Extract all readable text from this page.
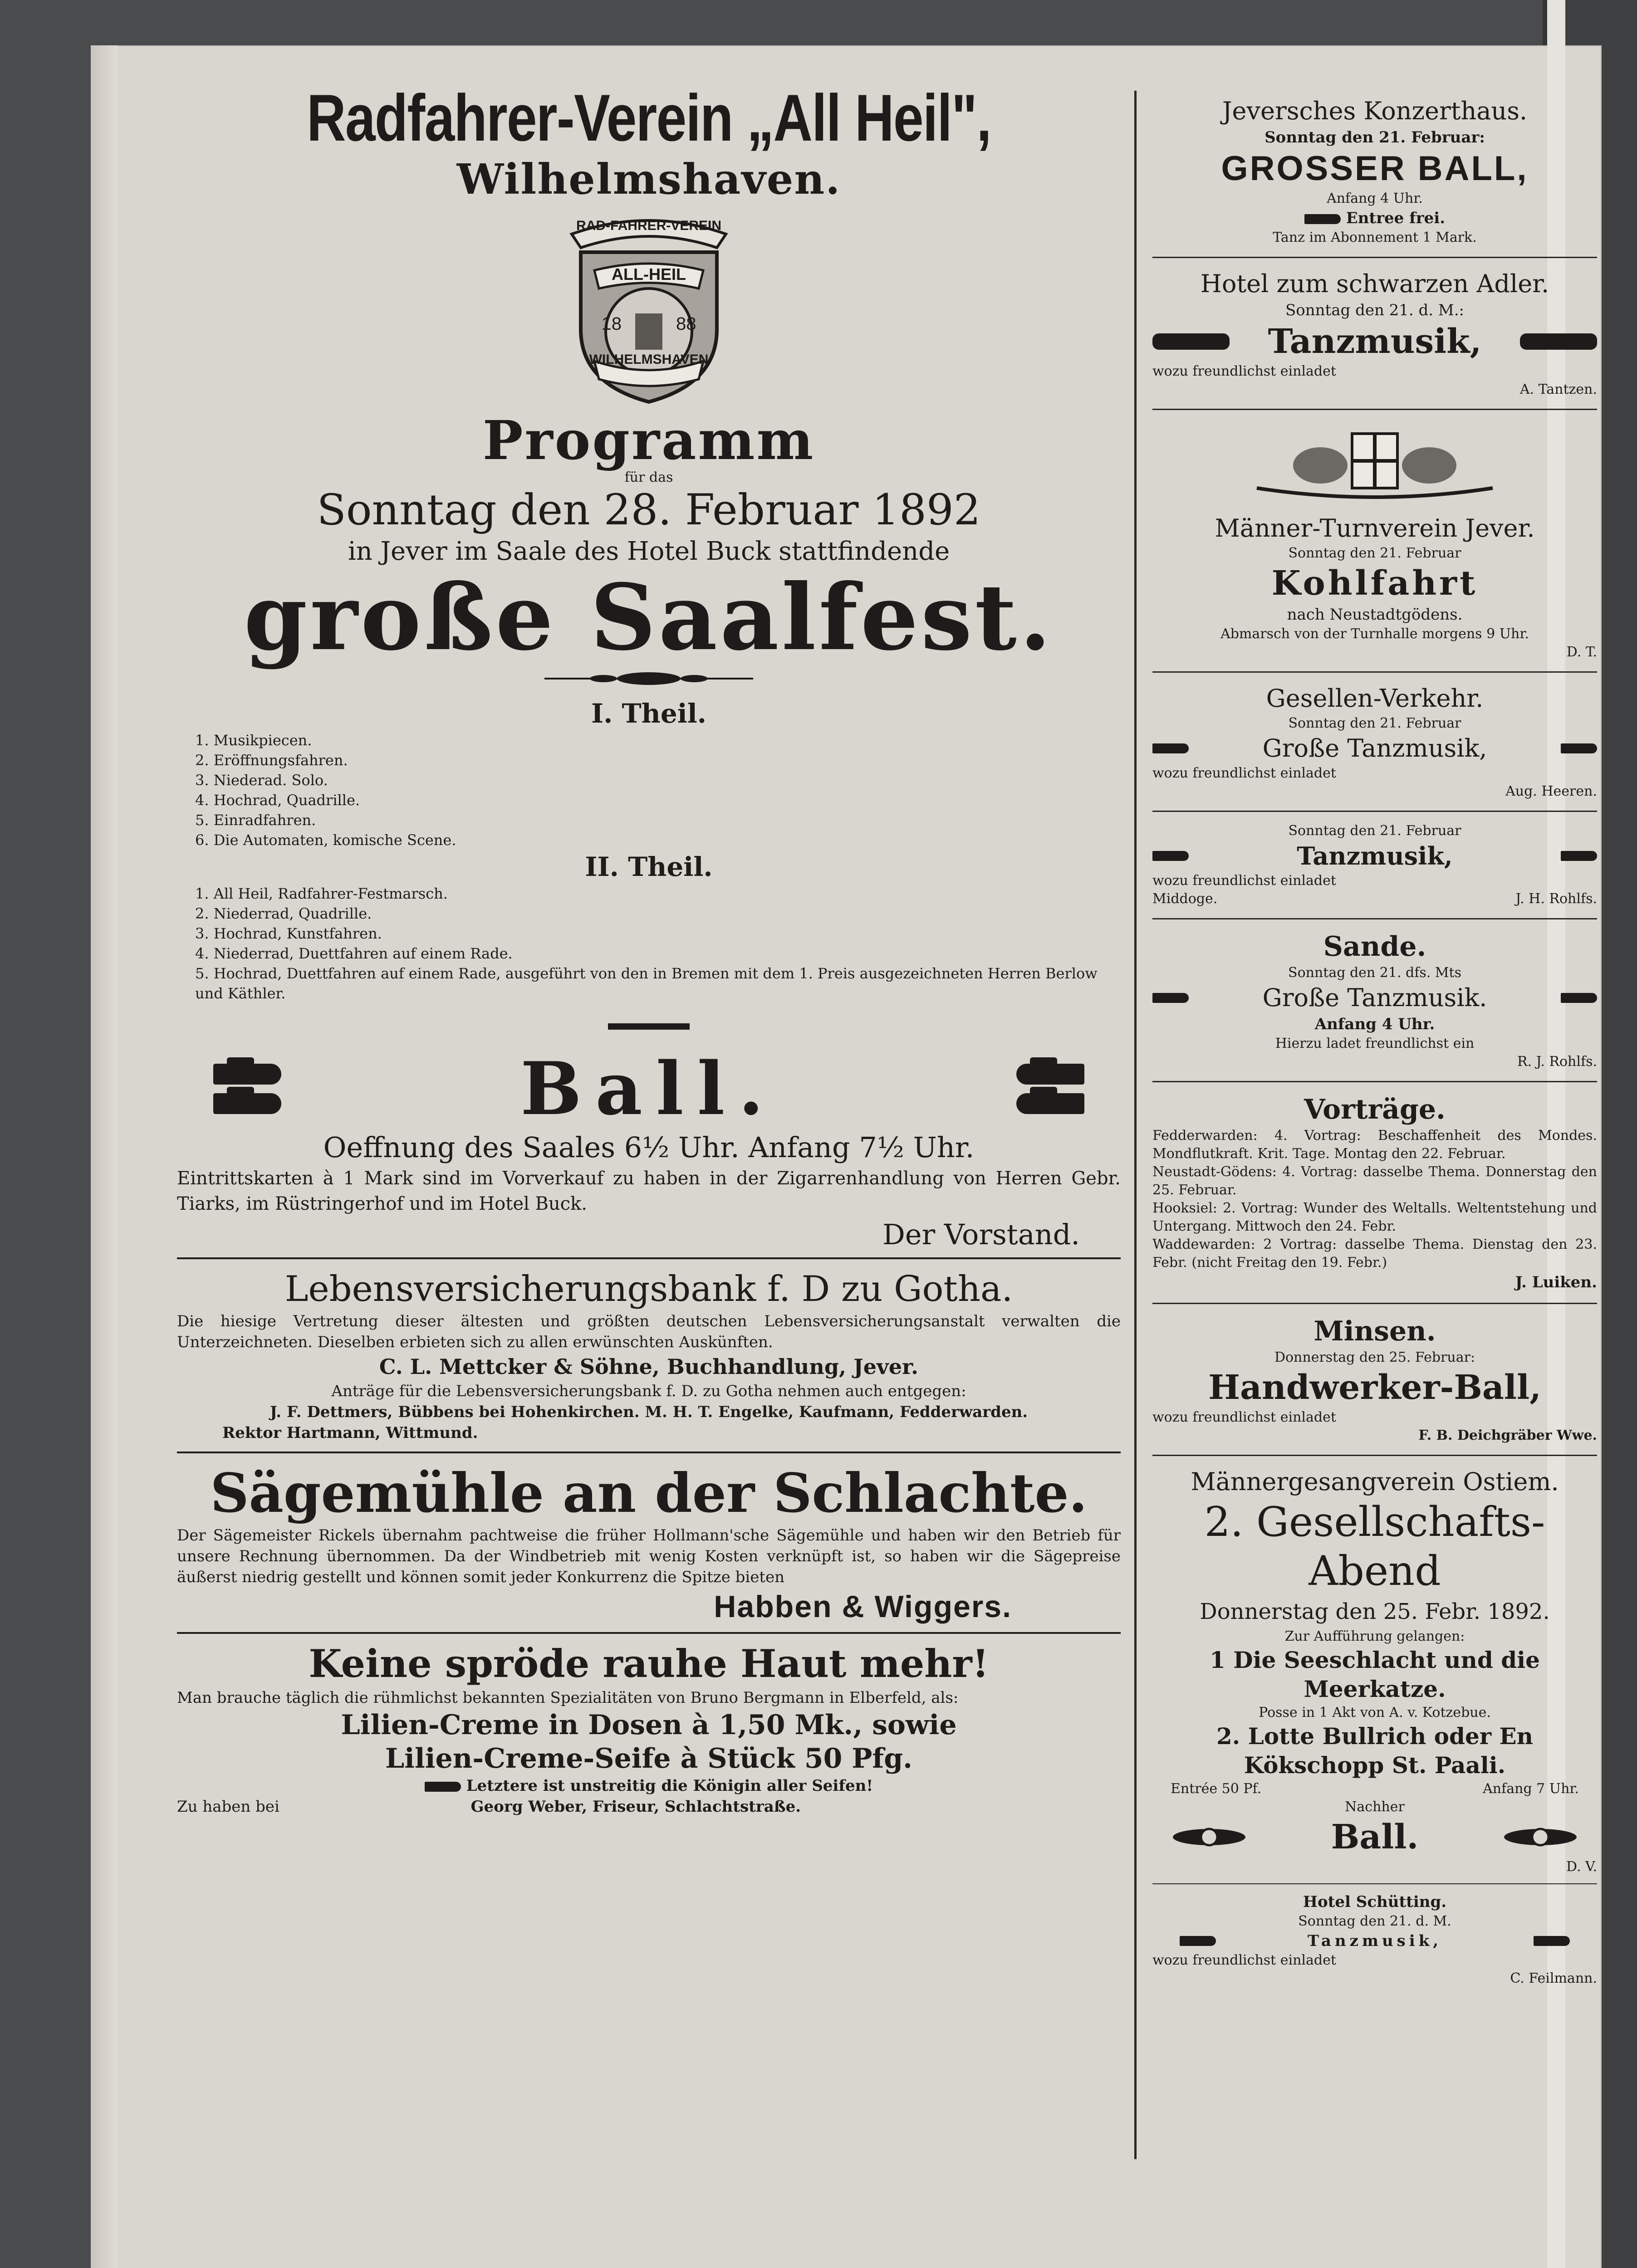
Radfahrer-Verein „All Heil",
Wilhelmshaven.
RAD-FAHRER-VEREIN
ALL-HEIL
18	88
WILHELMSHAVEN
Programm
für das
Sonntag den 28. Februar 1892
in Jever im Saale des Hotel Buck stattfindende
große Saalfest.
I. Theil.
1. Musikpiecen.
2. Eröffnungsfahren.
3. Niederad. Solo.
4. Hochrad, Quadrille.
5. Einradfahren.
6. Die Automaten, komische Scene.
II. Theil.
1. All Heil, Radfahrer-Festmarsch.
2. Niederrad, Quadrille.
3. Hochrad, Kunstfahren.
4. Niederrad, Duettfahren auf einem Rade.
5. Hochrad, Duettfahren auf einem Rade, ausgeführt von den in Bremen mit dem 1. Preis ausgezeichneten Herren Berlow und Käthler.

Ball.

Oeffnung des Saales 6½ Uhr. Anfang 7½ Uhr.
Eintrittskarten à 1 Mark sind im Vorverkauf zu haben in der Zigarrenhandlung von Herren Gebr. Tiarks, im Rüstringerhof und im Hotel Buck.
Der Vorstand.
Lebensversicherungsbank f. D zu Gotha.
Die hiesige Vertretung dieser ältesten und größten deutschen Lebensversicherungsanstalt verwalten die Unterzeichneten. Dieselben erbieten sich zu allen erwünschten Auskünften.
C. L. Mettcker & Söhne, Buchhandlung, Jever.
Anträge für die Lebensversicherungsbank f. D. zu Gotha nehmen auch entgegen:
J. F. Dettmers, Bübbens bei Hohenkirchen. M. H. T. Engelke, Kaufmann, Fedderwarden.
Rektor Hartmann, Wittmund.
Sägemühle an der Schlachte.
Der Sägemeister Rickels übernahm pachtweise die früher Hollmann'sche Sägemühle und haben wir den Betrieb für unsere Rechnung übernommen. Da der Windbetrieb mit wenig Kosten verknüpft ist, so haben wir die Sägepreise äußerst niedrig gestellt und können somit jeder Konkurrenz die Spitze bieten
Habben & Wiggers.
Keine spröde rauhe Haut mehr!
Man brauche täglich die rühmlichst bekannten Spezialitäten von Bruno Bergmann in Elberfeld, als:
Lilien-Creme in Dosen à 1,50 Mk., sowie
Lilien-Creme-Seife à Stück 50 Pfg.
Letztere ist unstreitig die Königin aller Seifen!
Zu haben bei	Georg Weber, Friseur, Schlachtstraße.
Jeversches Konzerthaus.
Sonntag den 21. Februar:
GROSSER BALL,
Anfang 4 Uhr.
Entree frei.
Tanz im Abonnement 1 Mark.
Hotel zum schwarzen Adler.
Sonntag den 21. d. M.:
Tanzmusik,
wozu freundlichst einladet
A. Tantzen.
Männer-Turnverein Jever.
Sonntag den 21. Februar
Kohlfahrt
nach Neustadtgödens.
Abmarsch von der Turnhalle morgens 9 Uhr.
D. T.
Gesellen-Verkehr.
Sonntag den 21. Februar
Große Tanzmusik,
wozu freundlichst einladet
Aug. Heeren.
Sonntag den 21. Februar
Tanzmusik,
wozu freundlichst einladet
Middoge.	J. H. Rohlfs.
Sande.
Sonntag den 21. dfs. Mts
Große Tanzmusik.
Anfang 4 Uhr.
Hierzu ladet freundlichst ein
R. J. Rohlfs.
Vorträge.
Fedderwarden: 4. Vortrag: Beschaffenheit des Mondes. Mondflutkraft. Krit. Tage. Montag den 22. Februar.
Neustadt-Gödens: 4. Vortrag: dasselbe Thema. Donnerstag den 25. Februar.
Hooksiel: 2. Vortrag: Wunder des Weltalls. Weltentstehung und Untergang. Mittwoch den 24. Febr.
Waddewarden: 2 Vortrag: dasselbe Thema. Dienstag den 23. Febr. (nicht Freitag den 19. Febr.)
J. Luiken.
Minsen.
Donnerstag den 25. Februar:
Handwerker-Ball,
wozu freundlichst einladet
F. B. Deichgräber Wwe.
Männergesangverein Ostiem.
2. Gesellschafts-Abend
Donnerstag den 25. Febr. 1892.
Zur Aufführung gelangen:
1 Die Seeschlacht und die Meerkatze.
Posse in 1 Akt von A. v. Kotzebue.
2. Lotte Bullrich oder En Kökschopp St. Paali.
Entrée 50 Pf.	Anfang 7 Uhr.
Nachher
Ball.
D. V.
Hotel Schütting.
Sonntag den 21. d. M.
Tanzmusik,
wozu freundlichst einladet
C. Feilmann.
